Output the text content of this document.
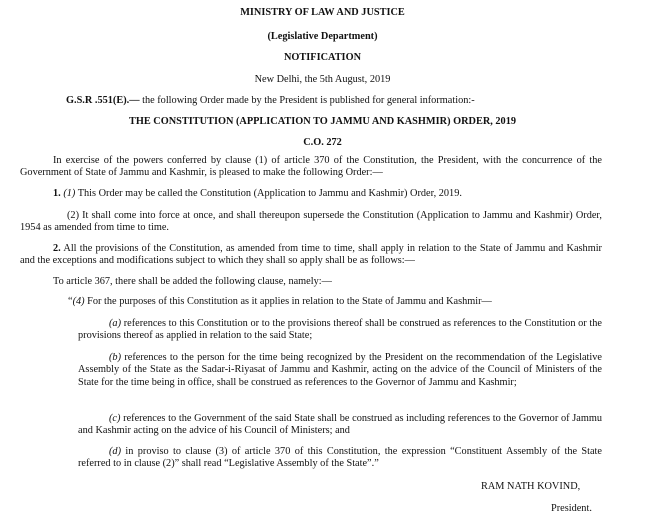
MINISTRY OF LAW AND JUSTICE
(Legislative Department)
NOTIFICATION
New Delhi, the 5th August, 2019
G.S.R .551(E).— the following Order made by the President is published for general information:-
THE CONSTITUTION (APPLICATION TO JAMMU AND KASHMIR) ORDER, 2019
C.O. 272
In exercise of the powers conferred by clause (1) of article 370 of the Constitution, the President, with the concurrence of the Government of State of Jammu and Kashmir, is pleased to make the following Order:—
1. (1) This Order may be called the Constitution (Application to Jammu and Kashmir) Order, 2019.
(2) It shall come into force at once, and shall thereupon supersede the Constitution (Application to Jammu and Kashmir) Order, 1954 as amended from time to time.
2. All the provisions of the Constitution, as amended from time to time, shall apply in relation to the State of Jammu and Kashmir and the exceptions and modifications subject to which they shall so apply shall be as follows:—
To article 367, there shall be added the following clause, namely:—
“(4) For the purposes of this Constitution as it applies in relation to the State of Jammu and Kashmir—
(a) references to this Constitution or to the provisions thereof shall be construed as references to the Constitution or the provisions thereof as applied in relation to the said State;
(b) references to the person for the time being recognized by the President on the recommendation of the Legislative Assembly of the State as the Sadar-i-Riyasat of Jammu and Kashmir, acting on the advice of the Council of Ministers of the State for the time being in office, shall be construed as references to the Governor of Jammu and Kashmir;
(c) references to the Government of the said State shall be construed as including references to the Governor of Jammu and Kashmir acting on the advice of his Council of Ministers; and
(d) in proviso to clause (3) of article 370 of this Constitution, the expression “Constituent Assembly of the State referred to in clause (2)” shall read “Legislative Assembly of the State”.”
RAM NATH KOVIND,
President.
